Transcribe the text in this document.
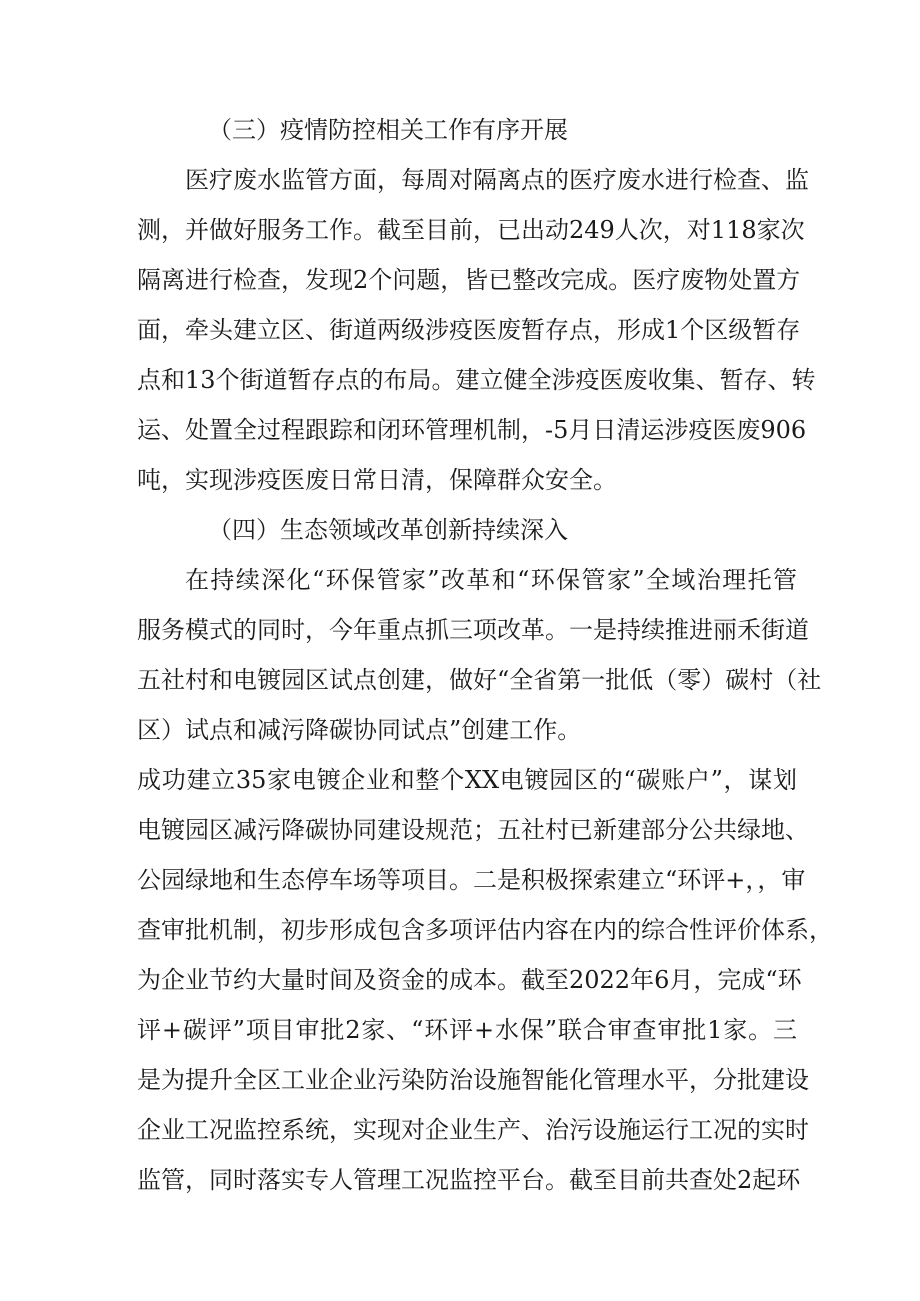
（三）疫情防控相关工作有序开展
医疗废水监管方面，每周对隔离点的医疗废水进行检查、监
测，并做好服务工作。截至目前，已出动249人次，对118家次
隔离进行检查，发现2个问题，皆已整改完成。医疗废物处置方
面，牵头建立区、街道两级涉疫医废暂存点，形成1个区级暂存
点和13个街道暂存点的布局。建立健全涉疫医废收集、暂存、转
运、处置全过程跟踪和闭环管理机制，-5月日清运涉疫医废906
吨，实现涉疫医废日常日清，保障群众安全。
（四）生态领域改革创新持续深入
在持续深化“环保管家”改革和“环保管家”全域治理托管
服务模式的同时，今年重点抓三项改革。一是持续推进丽禾街道
五社村和电镀园区试点创建，做好“全省第一批低（零）碳村（社
区）试点和减污降碳协同试点”创建工作。
成功建立35家电镀企业和整个XX电镀园区的“碳账户”，谋划
电镀园区减污降碳协同建设规范；五社村已新建部分公共绿地、
公园绿地和生态停车场等项目。二是积极探索建立“环评+，，审
查审批机制，初步形成包含多项评估内容在内的综合性评价体系，
为企业节约大量时间及资金的成本。截至2022年6月，完成“环
评+碳评”项目审批2家、“环评+水保”联合审查审批1家。三
是为提升全区工业企业污染防治设施智能化管理水平，分批建设
企业工况监控系统，实现对企业生产、治污设施运行工况的实时
监管，同时落实专人管理工况监控平台。截至目前共查处2起环
